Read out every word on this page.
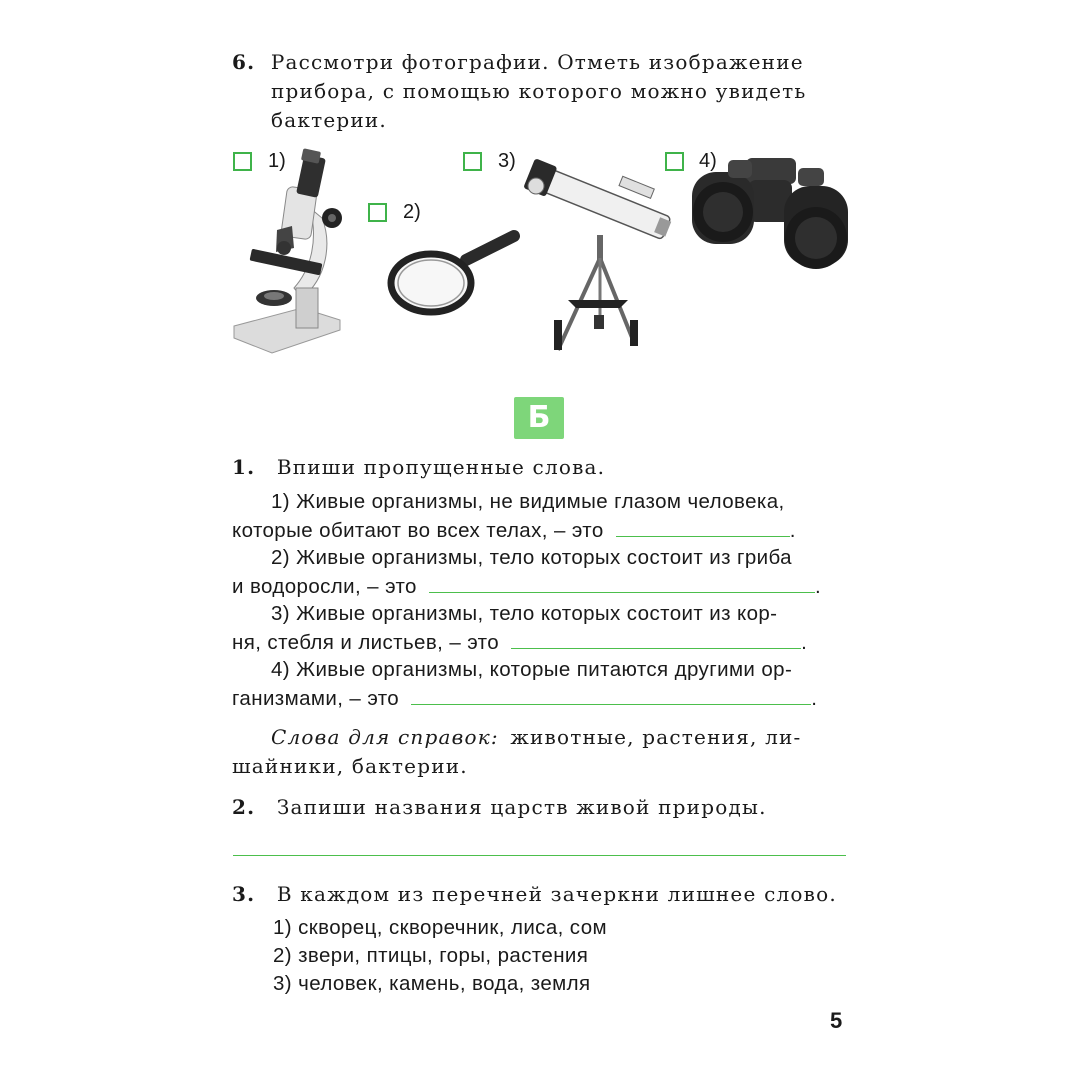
6. Рассмотри фотографии. Отметь изображение
прибора, с помощью которого можно увидеть
бактерии.
1)
2)
3)	4)
Б
1. Впиши пропущенные слова.
1) Живые организмы, не видимые глазом человека,
которые обитают во всех телах, – это	.
2) Живые организмы, тело которых состоит из гриба
и водоросли, – это	.
3) Живые организмы, тело которых состоит из кор-
ня, стебля и листьев, – это	.
4) Живые организмы, которые питаются другими ор-
ганизмами, – это	.
Слова для справок: животные, растения, ли-
шайники, бактерии.
2. Запиши названия царств живой природы.
3. В каждом из перечней зачеркни лишнее слово.
1) скворец, скворечник, лиса, сом
2) звери, птицы, горы, растения
3) человек, камень, вода, земля
5
